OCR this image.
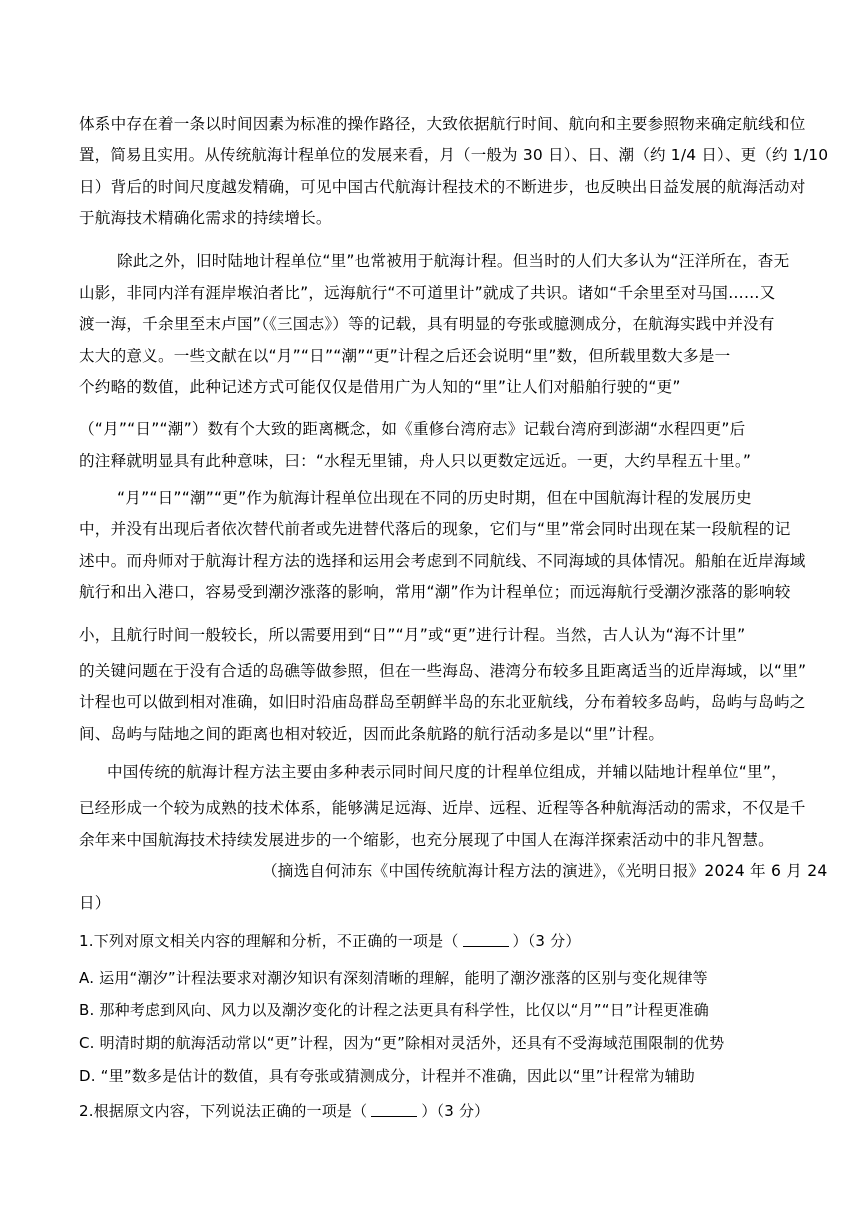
体系中存在着一条以时间因素为标准的操作路径，大致依据航行时间、航向和主要参照物来确定航线和位
置，简易且实用。从传统航海计程单位的发展来看，月（一般为 30 日）、日、潮（约 1/4 日）、更（约 1/10
日）背后的时间尺度越发精确，可见中国古代航海计程技术的不断进步，也反映出日益发展的航海活动对
于航海技术精确化需求的持续增长。
除此之外，旧时陆地计程单位“里”也常被用于航海计程。但当时的人们大多认为“汪洋所在，杳无
山影，非同内洋有涯岸堠泊者比”，远海航行“不可道里计”就成了共识。诸如“千余里至对马国……又
渡一海，千余里至末卢国”（《三国志》）等的记载，具有明显的夸张或臆测成分，在航海实践中并没有
太大的意义。一些文献在以“月”“日”“潮”“更”计程之后还会说明“里”数，但所载里数大多是一
个约略的数值，此种记述方式可能仅仅是借用广为人知的“里”让人们对船舶行驶的“更”
（“月”“日”“潮”）数有个大致的距离概念，如《重修台湾府志》记载台湾府到澎湖“水程四更”后
的注释就明显具有此种意味，曰：“水程无里铺，舟人只以更数定远近。一更，大约旱程五十里。”
“月”“日”“潮”“更”作为航海计程单位出现在不同的历史时期，但在中国航海计程的发展历史
中，并没有出现后者依次替代前者或先进替代落后的现象，它们与“里”常会同时出现在某一段航程的记
述中。而舟师对于航海计程方法的选择和运用会考虑到不同航线、不同海域的具体情况。船舶在近岸海域
航行和出入港口，容易受到潮汐涨落的影响，常用“潮”作为计程单位；而远海航行受潮汐涨落的影响较
小，且航行时间一般较长，所以需要用到“日”“月”或“更”进行计程。当然，古人认为“海不计里”
的关键问题在于没有合适的岛礁等做参照，但在一些海岛、港湾分布较多且距离适当的近岸海域，以“里”
计程也可以做到相对准确，如旧时沿庙岛群岛至朝鲜半岛的东北亚航线，分布着较多岛屿，岛屿与岛屿之
间、岛屿与陆地之间的距离也相对较近，因而此条航路的航行活动多是以“里”计程。
中国传统的航海计程方法主要由多种表示同时间尺度的计程单位组成，并辅以陆地计程单位“里”，
已经形成一个较为成熟的技术体系，能够满足远海、近岸、远程、近程等各种航海活动的需求，不仅是千
余年来中国航海技术持续发展进步的一个缩影，也充分展现了中国人在海洋探索活动中的非凡智慧。
（摘选自何沛东《中国传统航海计程方法的演进》，《光明日报》2024 年 6 月 24
日）
1.下列对原文相关内容的理解和分析，不正确的一项是（	）（3 分）
A. 运用“潮汐”计程法要求对潮汐知识有深刻清晰的理解，能明了潮汐涨落的区别与变化规律等
B. 那种考虑到风向、风力以及潮汐变化的计程之法更具有科学性，比仅以“月”“日”计程更准确
C. 明清时期的航海活动常以“更”计程，因为“更”除相对灵活外，还具有不受海域范围限制的优势
D. “里”数多是估计的数值，具有夸张或猜测成分，计程并不准确，因此以“里”计程常为辅助
2.根据原文内容，下列说法正确的一项是（	）（3 分）
